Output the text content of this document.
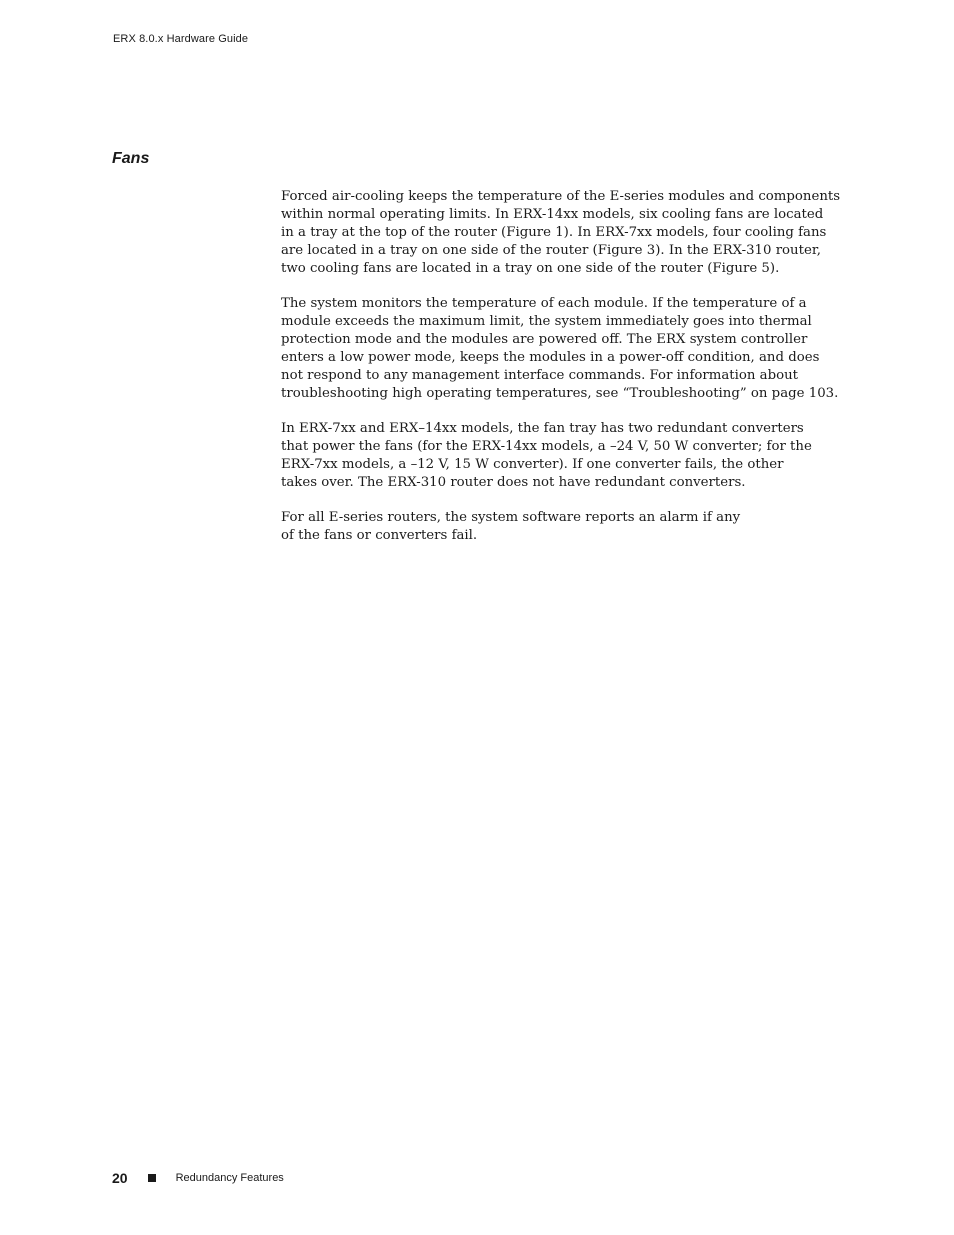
ERX 8.0.x Hardware Guide
Fans

Forced air-cooling keeps the temperature of the E-series modules and components
within normal operating limits. In ERX-14xx models, six cooling fans are located
in a tray at the top of the router (Figure 1). In ERX-7xx models, four cooling fans
are located in a tray on one side of the router (Figure 3). In the ERX-310 router,
two cooling fans are located in a tray on one side of the router (Figure 5).

The system monitors the temperature of each module. If the temperature of a
module exceeds the maximum limit, the system immediately goes into thermal
protection mode and the modules are powered off. The ERX system controller
enters a low power mode, keeps the modules in a power-off condition, and does
not respond to any management interface commands. For information about
troubleshooting high operating temperatures, see “Troubleshooting” on page 103.

In ERX-7xx and ERX–14xx models, the fan tray has two redundant converters
that power the fans (for the ERX-14xx models, a –24 V, 50 W converter; for the
ERX-7xx models, a –12 V, 15 W converter). If one converter fails, the other
takes over. The ERX-310 router does not have redundant converters.

For all E-series routers, the system software reports an alarm if any
of the fans or converters fail.

20	Redundancy Features
